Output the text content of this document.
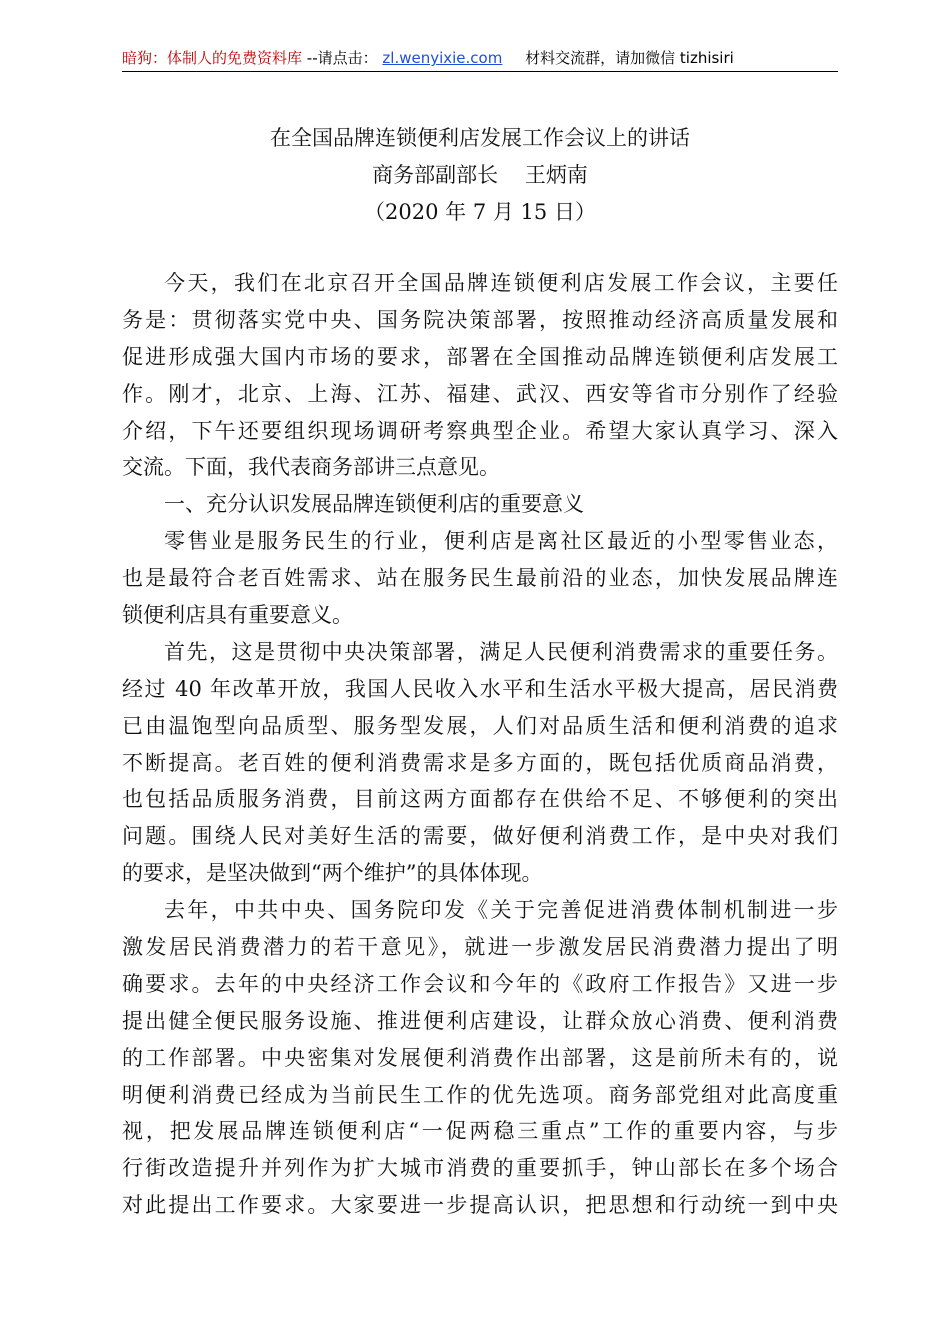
暗狗：体制人的免费资料库 --请点击： zl.wenyixie.com 材料交流群，请加微信 tizhisiri
在全国品牌连锁便利店发展工作会议上的讲话
商务部副部长    王炳南
（2020 年 7 月 15 日）
今天，我们在北京召开全国品牌连锁便利店发展工作会议，主要任
务是：贯彻落实党中央、国务院决策部署，按照推动经济高质量发展和
促进形成强大国内市场的要求，部署在全国推动品牌连锁便利店发展工
作。刚才，北京、上海、江苏、福建、武汉、西安等省市分别作了经验
介绍，下午还要组织现场调研考察典型企业。希望大家认真学习、深入
交流。下面，我代表商务部讲三点意见。
一、充分认识发展品牌连锁便利店的重要意义
零售业是服务民生的行业，便利店是离社区最近的小型零售业态，
也是最符合老百姓需求、站在服务民生最前沿的业态，加快发展品牌连
锁便利店具有重要意义。
首先，这是贯彻中央决策部署，满足人民便利消费需求的重要任务。
经过 40 年改革开放，我国人民收入水平和生活水平极大提高，居民消费
已由温饱型向品质型、服务型发展，人们对品质生活和便利消费的追求
不断提高。老百姓的便利消费需求是多方面的，既包括优质商品消费，
也包括品质服务消费，目前这两方面都存在供给不足、不够便利的突出
问题。围绕人民对美好生活的需要，做好便利消费工作，是中央对我们
的要求，是坚决做到“两个维护”的具体体现。
去年，中共中央、国务院印发《关于完善促进消费体制机制进一步
激发居民消费潜力的若干意见》，就进一步激发居民消费潜力提出了明
确要求。去年的中央经济工作会议和今年的《政府工作报告》又进一步
提出健全便民服务设施、推进便利店建设，让群众放心消费、便利消费
的工作部署。中央密集对发展便利消费作出部署，这是前所未有的，说
明便利消费已经成为当前民生工作的优先选项。商务部党组对此高度重
视，把发展品牌连锁便利店“一促两稳三重点”工作的重要内容，与步
行街改造提升并列作为扩大城市消费的重要抓手，钟山部长在多个场合
对此提出工作要求。大家要进一步提高认识，把思想和行动统一到中央
